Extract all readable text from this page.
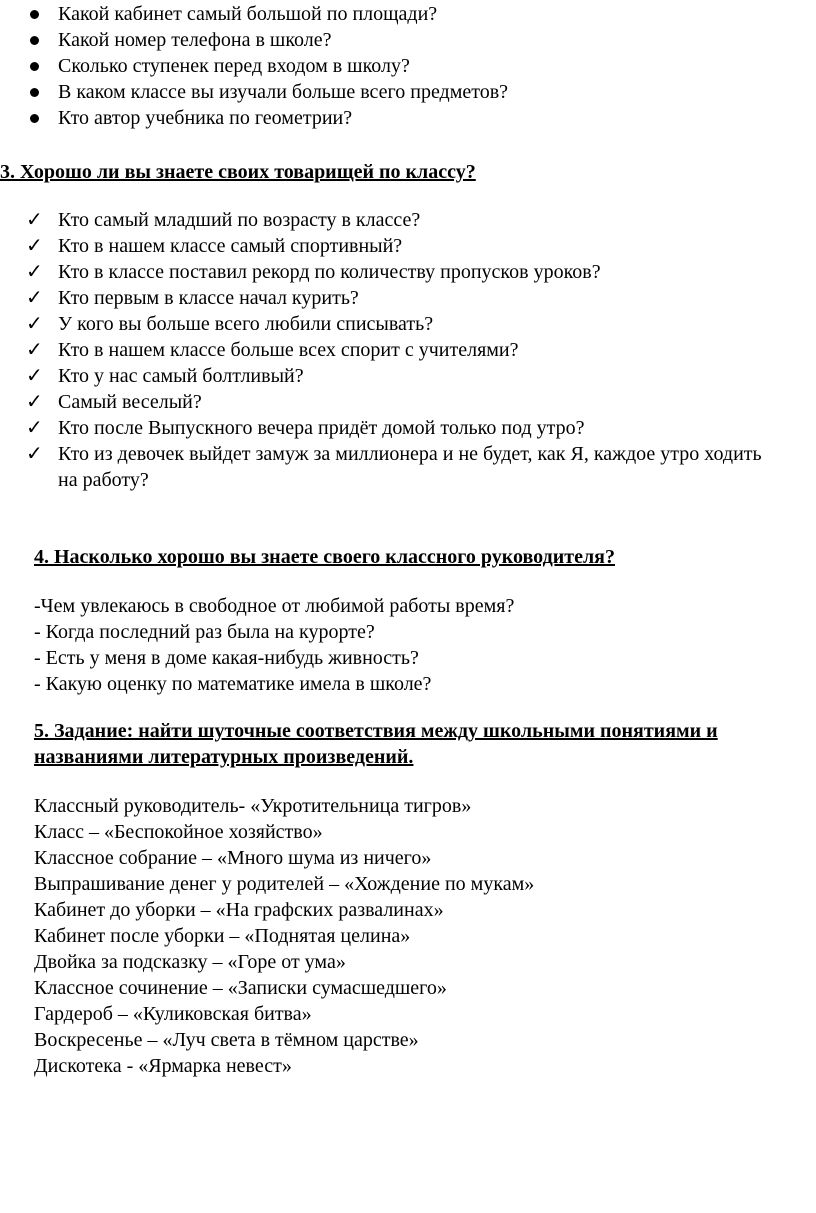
Какой кабинет самый большой по площади?
Какой номер телефона в школе?
Сколько ступенек перед входом в школу?
В каком классе вы изучали больше всего предметов?
Кто автор учебника по геометрии?
3. Хорошо ли вы знаете своих товарищей по классу?
✓ Кто самый младший по возрасту в классе?
✓ Кто в нашем классе самый спортивный?
✓ Кто в классе поставил рекорд по количеству пропусков уроков?
✓ Кто первым в классе начал курить?
✓ У кого вы больше всего любили списывать?
✓ Кто в нашем классе больше всех спорит с учителями?
✓ Кто у нас самый болтливый?
✓ Самый веселый?
✓ Кто после Выпускного вечера придёт домой только под утро?
✓ Кто из девочек выйдет замуж за миллионера и не будет, как Я, каждое утро ходить на работу?
4. Насколько хорошо вы знаете своего классного руководителя?
-Чем увлекаюсь в свободное от любимой работы время?
- Когда последний раз была на курорте?
- Есть у меня в доме какая-нибудь живность?
- Какую оценку по математике имела в школе?
5. Задание: найти шуточные соответствия между школьными понятиями и
названиями литературных произведений.
Классный руководитель- «Укротительница тигров»
Класс – «Беспокойное хозяйство»
Классное собрание – «Много шума из ничего»
Выпрашивание денег у родителей – «Хождение по мукам»
Кабинет до уборки – «На графских развалинах»
Кабинет после уборки – «Поднятая целина»
Двойка за подсказку – «Горе от ума»
Классное сочинение – «Записки сумасшедшего»
Гардероб – «Куликовская битва»
Воскресенье – «Луч света в тёмном царстве»
Дискотека - «Ярмарка невест»
